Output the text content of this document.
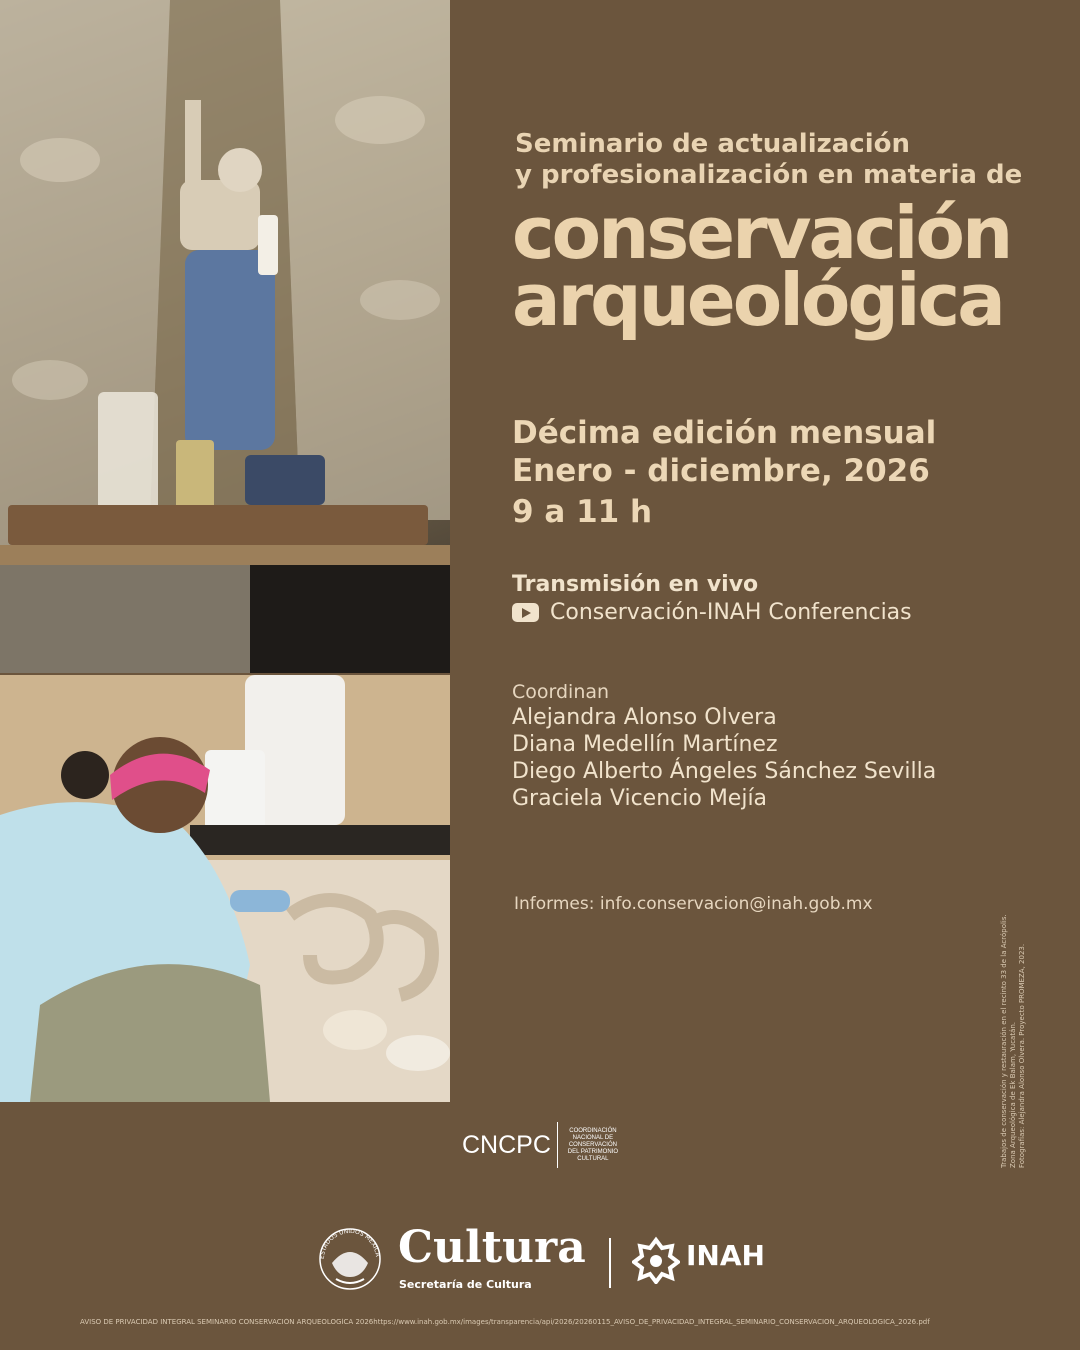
Seminario de actualización
y profesionalización en materia de
conservación
arqueológica
Décima edición mensual
Enero - diciembre, 2026
9 a 11 h
Transmisión en vivo
Conservación-INAH Conferencias
Coordinan
Alejandra Alonso Olvera
Diana Medellín Martínez
Diego Alberto Ángeles Sánchez Sevilla
Graciela Vicencio Mejía
Informes: info.conservacion@inah.gob.mx
Trabajos de conservación y restauración en el recinto 33 de la Acrópolis. Zona Arqueológica de Ek Balam, Yucatán. Fotografías: Alejandra Alonso Olvera. Proyecto PROMEZA, 2023.
CNCPC	COORDINACIÓN NACIONAL DE CONSERVACIÓN DEL PATRIMONIO CULTURAL
ESTADOS UNIDOS MEXICA Cultura
Secretaría de Cultura
INAH
AVISO DE PRIVACIDAD INTEGRAL SEMINARIO CONSERVACIÓN ARQUEOLOGÍCA 2026https://www.inah.gob.mx/images/transparencia/api/2026/20260115_AVISO_DE_PRIVACIDAD_INTEGRAL_SEMINARIO_CONSERVACION_ARQUEOLOGICA_2026.pdf
